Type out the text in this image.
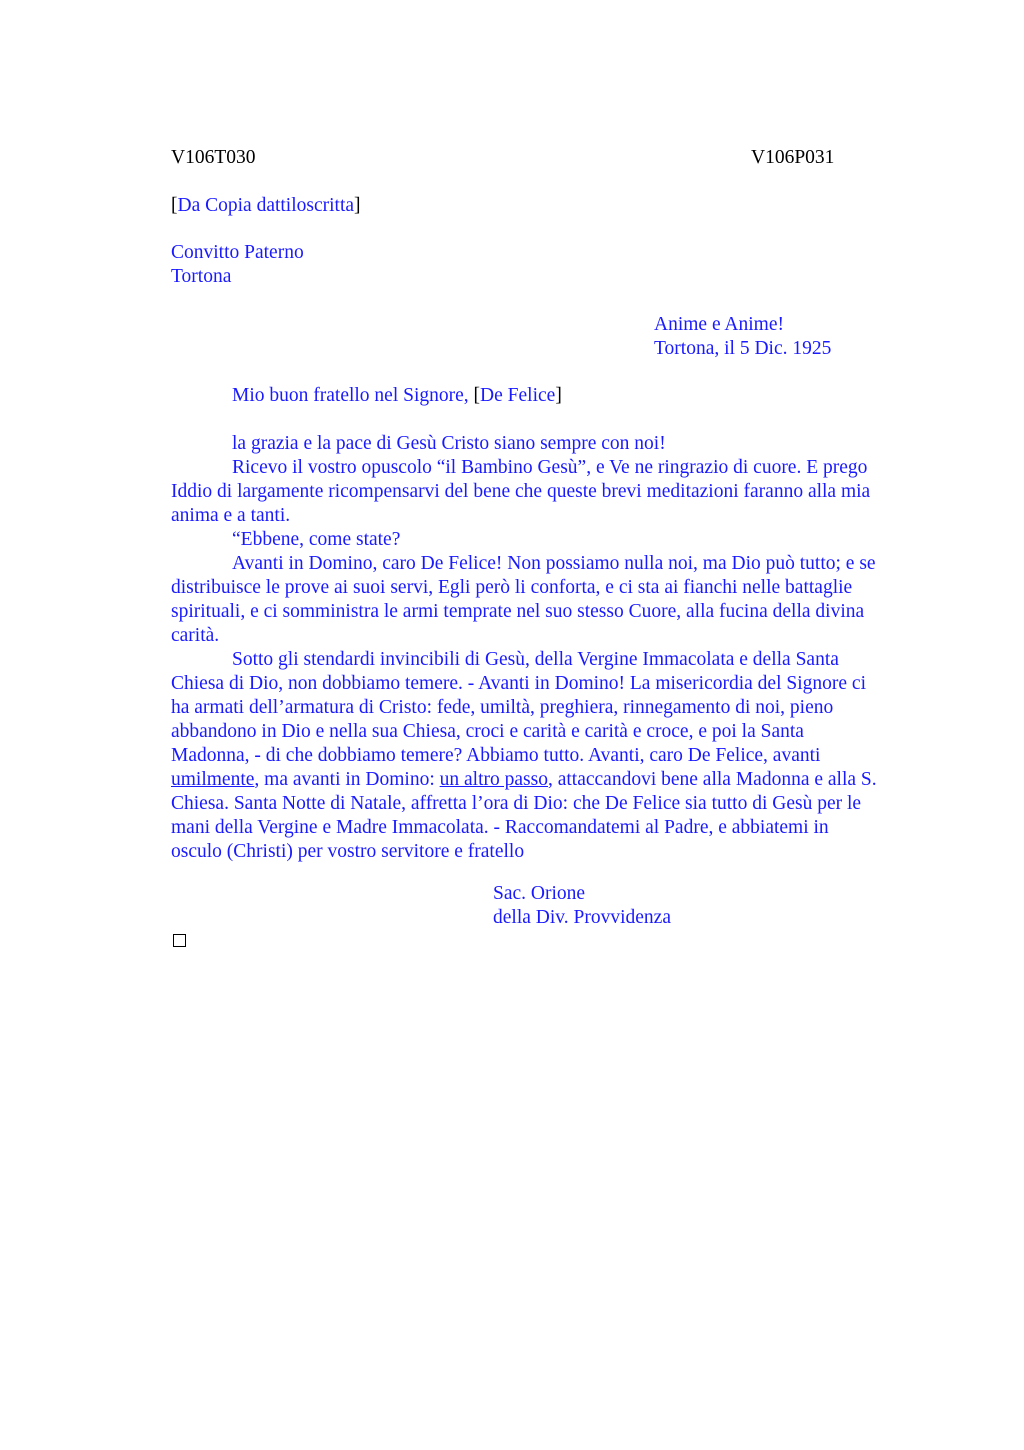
V106T030	V106P031
[Da Copia dattiloscritta]
Convitto Paterno
Tortona
Anime e Anime!
Tortona, il 5 Dic. 1925
Mio buon fratello nel Signore, [De Felice]
la grazia e la pace di Gesù Cristo siano sempre con noi!
Ricevo il vostro opuscolo “il Bambino Gesù”, e Ve ne ringrazio di cuore. E prego
Iddio di largamente ricompensarvi del bene che queste brevi meditazioni faranno alla mia
anima e a tanti.
“Ebbene, come state?
Avanti in Domino, caro De Felice! Non possiamo nulla noi, ma Dio può tutto; e se
distribuisce le prove ai suoi servi, Egli però li conforta, e ci sta ai fianchi nelle battaglie
spirituali, e ci somministra le armi temprate nel suo stesso Cuore, alla fucina della divina
carità.
Sotto gli stendardi invincibili di Gesù, della Vergine Immacolata e della Santa
Chiesa di Dio, non dobbiamo temere. - Avanti in Domino! La misericordia del Signore ci
ha armati dell’armatura di Cristo: fede, umiltà, preghiera, rinnegamento di noi, pieno
abbandono in Dio e nella sua Chiesa, croci e carità e carità e croce, e poi la Santa
Madonna, - di che dobbiamo temere? Abbiamo tutto. Avanti, caro De Felice, avanti
umilmente, ma avanti in Domino: un altro passo, attaccandovi bene alla Madonna e alla S.
Chiesa. Santa Notte di Natale, affretta l’ora di Dio: che De Felice sia tutto di Gesù per le
mani della Vergine e Madre Immacolata. - Raccomandatemi al Padre, e abbiatemi in
osculo (Christi) per vostro servitore e fratello
Sac. Orione
della Div. Provvidenza
